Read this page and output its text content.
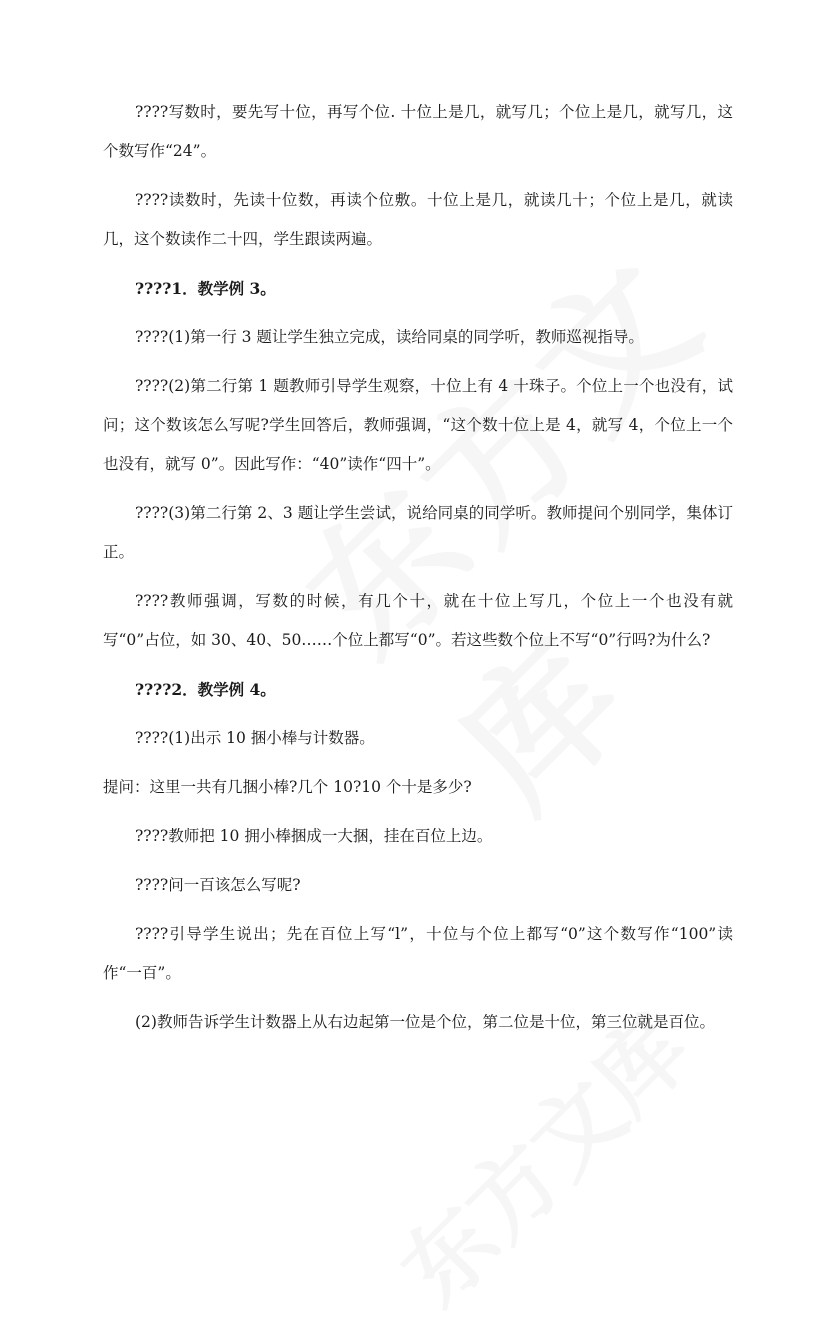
????写数时，要先写十位，再写个位. 十位上是几，就写几；个位上是几，就写几，这个数写作“24”。

????读数时，先读十位数，再读个位敷。十位上是几，就读几十；个位上是几，就读几，这个数读作二十四，学生跟读两遍。

????1．教学例 3。

????(1)第一行 3 题让学生独立完成，读给同桌的同学听，教师巡视指导。

????(2)第二行第 1 题教师引导学生观察，十位上有 4 十珠子。个位上一个也没有，试问；这个数该怎么写呢?学生回答后，教师强调，“这个数十位上是 4，就写 4，个位上一个也没有，就写 0”。因此写作：“40”读作“四十”。

????(3)第二行第 2、3 题让学生尝试，说给同桌的同学听。教师提问个别同学，集体订正。

????教师强调，写数的时候，有几个十，就在十位上写几，个位上一个也没有就写“0”占位，如 30、40、50……个位上都写“0”。若这些数个位上不写“0”行吗?为什么?

????2．教学例 4。

????(1)出示 10 捆小棒与计数器。

提问：这里一共有几捆小棒?几个 10?10 个十是多少?

????教师把 10 拥小棒捆成一大捆，挂在百位上边。

????问一百该怎么写呢?

????引导学生说出；先在百位上写“l”，十位与个位上都写“0”这个数写作“100”读作“一百”。

(2)教师告诉学生计数器上从右边起第一位是个位，第二位是十位，第三位就是百位。
